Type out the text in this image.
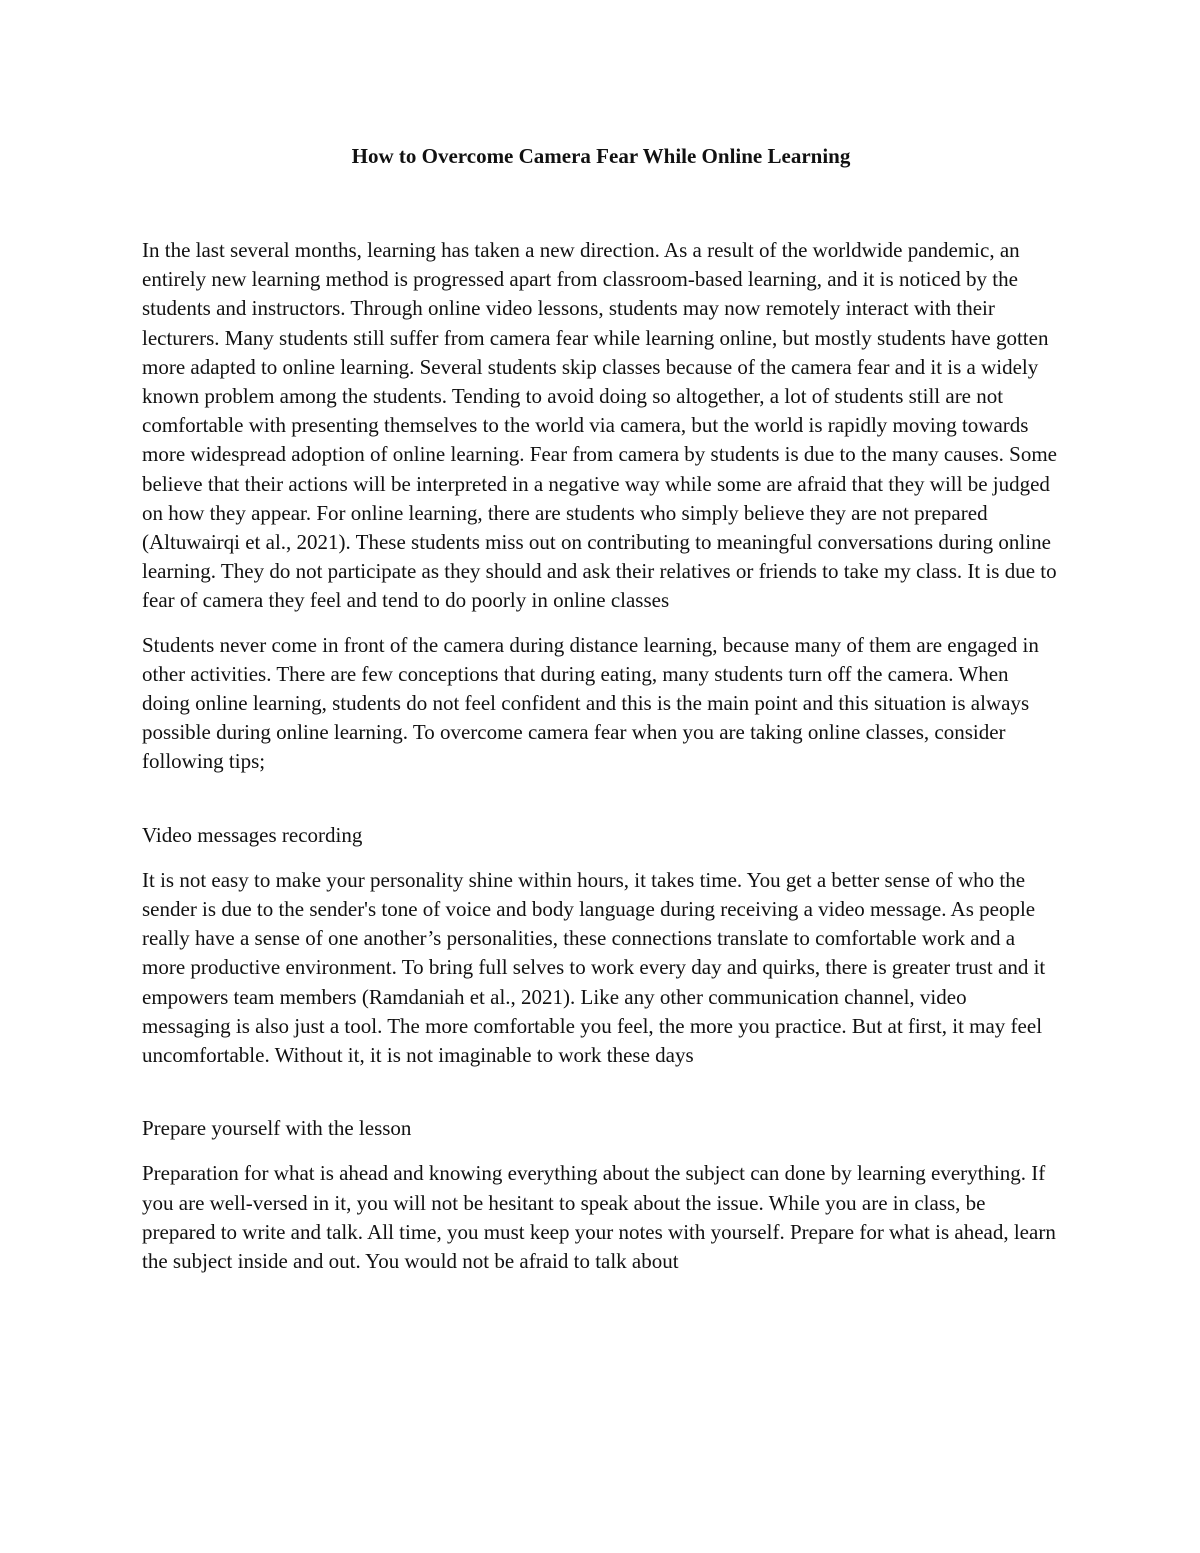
How to Overcome Camera Fear While Online Learning

In the last several months, learning has taken a new direction. As a result of the worldwide pandemic, an entirely new learning method is progressed apart from classroom-based learning, and it is noticed by the students and instructors. Through online video lessons, students may now remotely interact with their lecturers. Many students still suffer from camera fear while learning online, but mostly students have gotten more adapted to online learning. Several students skip classes because of the camera fear and it is a widely known problem among the students. Tending to avoid doing so altogether, a lot of students still are not comfortable with presenting themselves to the world via camera, but the world is rapidly moving towards more widespread adoption of online learning. Fear from camera by students is due to the many causes. Some believe that their actions will be interpreted in a negative way while some are afraid that they will be judged on how they appear. For online learning, there are students who simply believe they are not prepared (Altuwairqi et al., 2021). These students miss out on contributing to meaningful conversations during online learning. They do not participate as they should and ask their relatives or friends to take my class. It is due to fear of camera they feel and tend to do poorly in online classes

Students never come in front of the camera during distance learning, because many of them are engaged in other activities. There are few conceptions that during eating, many students turn off the camera. When doing online learning, students do not feel confident and this is the main point and this situation is always possible during online learning. To overcome camera fear when you are taking online classes, consider following tips;

Video messages recording

It is not easy to make your personality shine within hours, it takes time. You get a better sense of who the sender is due to the sender's tone of voice and body language during receiving a video message. As people really have a sense of one another’s personalities, these connections translate to comfortable work and a more productive environment. To bring full selves to work every day and quirks, there is greater trust and it empowers team members (Ramdaniah et al., 2021). Like any other communication channel, video messaging is also just a tool. The more comfortable you feel, the more you practice. But at first, it may feel uncomfortable. Without it, it is not imaginable to work these days

Prepare yourself with the lesson

Preparation for what is ahead and knowing everything about the subject can done by learning everything. If you are well-versed in it, you will not be hesitant to speak about the issue. While you are in class, be prepared to write and talk. All time, you must keep your notes with yourself. Prepare for what is ahead, learn the subject inside and out. You would not be afraid to talk about
